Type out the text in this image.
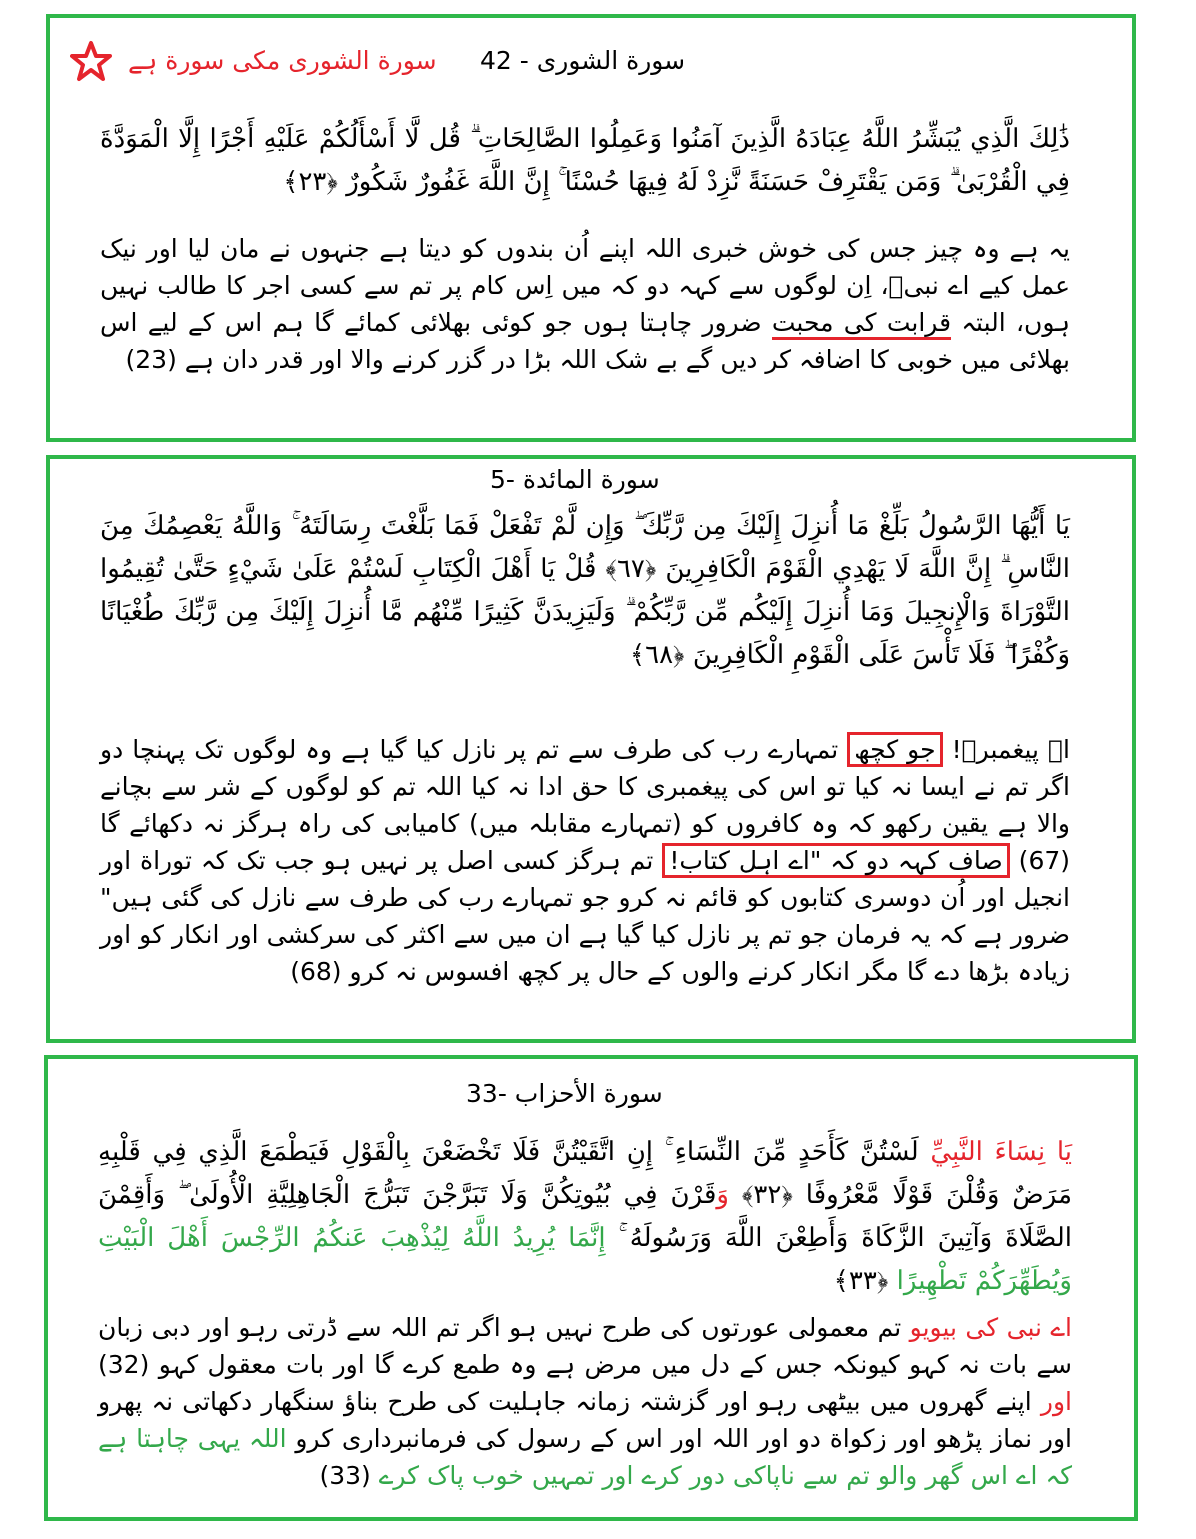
سورة الشوری مکی سورة ہے سورة الشوری - 42
ذَٰلِكَ الَّذِي يُبَشِّرُ اللَّهُ عِبَادَهُ الَّذِينَ آمَنُوا وَعَمِلُوا الصَّالِحَاتِ ۗ قُل لَّا أَسْأَلُكُمْ عَلَيْهِ أَجْرًا إِلَّا الْمَوَدَّةَ فِي الْقُرْبَىٰ ۗ وَمَن يَقْتَرِفْ حَسَنَةً نَّزِدْ لَهُ فِيهَا حُسْنًا ۚ إِنَّ اللَّهَ غَفُورٌ شَكُورٌ ﴿٢٣﴾
یہ ہے وہ چیز جس کی خوش خبری اللہ اپنے اُن بندوں کو دیتا ہے جنہوں نے مان لیا اور نیک عمل کیے اے نبیؐ، اِن لوگوں سے کہہ دو کہ میں اِس کام پر تم سے کسی اجر کا طالب نہیں ہوں، البتہ قرابت کی محبت ضرور چاہتا ہوں جو کوئی بھلائی کمائے گا ہم اس کے لیے اس بھلائی میں خوبی کا اضافہ کر دیں گے بے شک اللہ بڑا در گزر کرنے والا اور قدر دان ہے (23)
سورة المائدة -5
يَا أَيُّهَا الرَّسُولُ بَلِّغْ مَا أُنزِلَ إِلَيْكَ مِن رَّبِّكَ ۖ وَإِن لَّمْ تَفْعَلْ فَمَا بَلَّغْتَ رِسَالَتَهُ ۚ وَاللَّهُ يَعْصِمُكَ مِنَ النَّاسِ ۗ إِنَّ اللَّهَ لَا يَهْدِي الْقَوْمَ الْكَافِرِينَ ﴿٦٧﴾ قُلْ يَا أَهْلَ الْكِتَابِ لَسْتُمْ عَلَىٰ شَيْءٍ حَتَّىٰ تُقِيمُوا التَّوْرَاةَ وَالْإِنجِيلَ وَمَا أُنزِلَ إِلَيْكُم مِّن رَّبِّكُمْ ۗ وَلَيَزِيدَنَّ كَثِيرًا مِّنْهُم مَّا أُنزِلَ إِلَيْكَ مِن رَّبِّكَ طُغْيَانًا وَكُفْرًا ۖ فَلَا تَأْسَ عَلَى الْقَوْمِ الْكَافِرِينَ ﴿٦٨﴾
اے پیغمبرؐ! جو کچھ تمہارے رب کی طرف سے تم پر نازل کیا گیا ہے وہ لوگوں تک پہنچا دو اگر تم نے ایسا نہ کیا تو اس کی پیغمبری کا حق ادا نہ کیا اللہ تم کو لوگوں کے شر سے بچانے والا ہے یقین رکھو کہ وہ کافروں کو (تمہارے مقابلہ میں) کامیابی کی راہ ہرگز نہ دکھائے گا (67) صاف کہہ دو کہ "اے اہل کتاب! تم ہرگز کسی اصل پر نہیں ہو جب تک کہ توراة اور انجیل اور اُن دوسری کتابوں کو قائم نہ کرو جو تمہارے رب کی طرف سے نازل کی گئی ہیں" ضرور ہے کہ یہ فرمان جو تم پر نازل کیا گیا ہے ان میں سے اکثر کی سرکشی اور انکار کو اور زیادہ بڑھا دے گا مگر انکار کرنے والوں کے حال پر کچھ افسوس نہ کرو (68)
سورة الأحزاب -33
يَا نِسَاءَ النَّبِيِّ لَسْتُنَّ كَأَحَدٍ مِّنَ النِّسَاءِ ۚ إِنِ اتَّقَيْتُنَّ فَلَا تَخْضَعْنَ بِالْقَوْلِ فَيَطْمَعَ الَّذِي فِي قَلْبِهِ مَرَضٌ وَقُلْنَ قَوْلًا مَّعْرُوفًا ﴿٣٢﴾ وَقَرْنَ فِي بُيُوتِكُنَّ وَلَا تَبَرَّجْنَ تَبَرُّجَ الْجَاهِلِيَّةِ الْأُولَىٰ ۖ وَأَقِمْنَ الصَّلَاةَ وَآتِينَ الزَّكَاةَ وَأَطِعْنَ اللَّهَ وَرَسُولَهُ ۚ إِنَّمَا يُرِيدُ اللَّهُ لِيُذْهِبَ عَنكُمُ الرِّجْسَ أَهْلَ الْبَيْتِ وَيُطَهِّرَكُمْ تَطْهِيرًا ﴿٣٣﴾
اے نبی کی بیویو تم معمولی عورتوں کی طرح نہیں ہو اگر تم اللہ سے ڈرتی رہو اور دبی زبان سے بات نہ کہو کیونکہ جس کے دل میں مرض ہے وہ طمع کرے گا اور بات معقول کہو (32) اور اپنے گھروں میں بیٹھی رہو اور گزشتہ زمانہ جاہلیت کی طرح بناؤ سنگھار دکھاتی نہ پھرو اور نماز پڑھو اور زکواة دو اور اللہ اور اس کے رسول کی فرمانبرداری کرو اللہ یہی چاہتا ہے کہ اے اس گھر والو تم سے ناپاکی دور کرے اور تمہیں خوب پاک کرے (33)
